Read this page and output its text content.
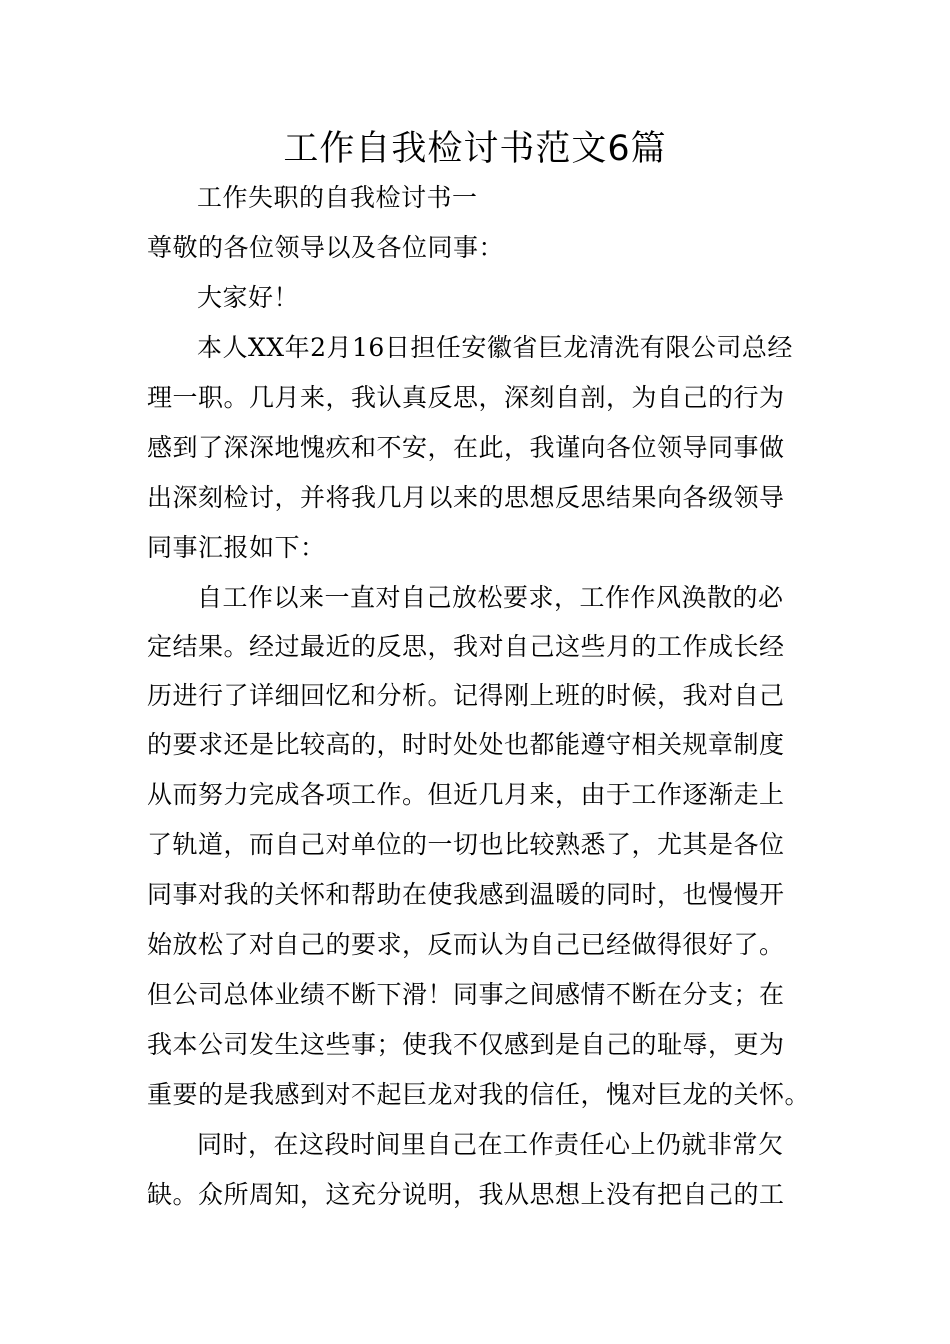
工作自我检讨书范文6篇
工作失职的自我检讨书一
尊敬的各位领导以及各位同事：
大家好！
本人XX年2月16日担任安徽省巨龙清洗有限公司总经
理一职。几月来，我认真反思，深刻自剖，为自己的行为
感到了深深地愧疚和不安，在此，我谨向各位领导同事做
出深刻检讨，并将我几月以来的思想反思结果向各级领导
同事汇报如下：
自工作以来一直对自己放松要求，工作作风涣散的必
定结果。经过最近的反思，我对自己这些月的工作成长经
历进行了详细回忆和分析。记得刚上班的时候，我对自己
的要求还是比较高的，时时处处也都能遵守相关规章制度
从而努力完成各项工作。但近几月来，由于工作逐渐走上
了轨道，而自己对单位的一切也比较熟悉了，尤其是各位
同事对我的关怀和帮助在使我感到温暖的同时，也慢慢开
始放松了对自己的要求，反而认为自己已经做得很好了。
但公司总体业绩不断下滑！同事之间感情不断在分支；在
我本公司发生这些事；使我不仅感到是自己的耻辱，更为
重要的是我感到对不起巨龙对我的信任，愧对巨龙的关怀。
同时，在这段时间里自己在工作责任心上仍就非常欠
缺。众所周知，这充分说明，我从思想上没有把自己的工
